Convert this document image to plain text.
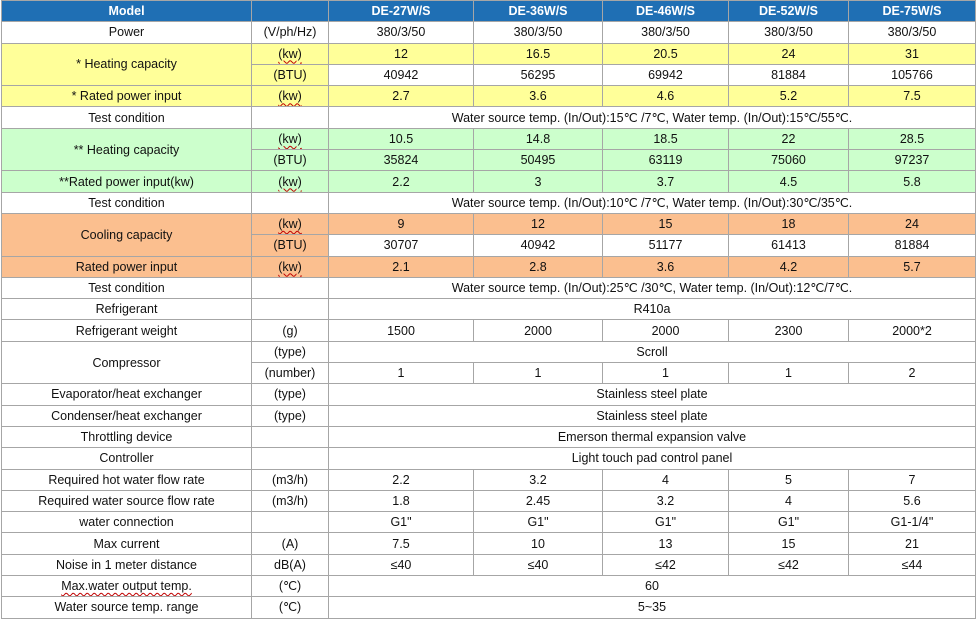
Model		DE-27W/S	DE-36W/S	DE-46W/S	DE-52W/S	DE-75W/S
Power	(V/ph/Hz)	380/3/50	380/3/50	380/3/50	380/3/50	380/3/50
* Heating capacity	(kw)	12	16.5	20.5	24	31
	(BTU)	40942	56295	69942	81884	105766
* Rated power input	(kw)	2.7	3.6	4.6	5.2	7.5
Test condition		Water source temp. (In/Out):15℃ /7℃, Water temp. (In/Out):15℃/55℃.				
** Heating capacity	(kw)	10.5	14.8	18.5	22	28.5
	(BTU)	35824	50495	63119	75060	97237
**Rated power input(kw)	(kw)	2.2	3	3.7	4.5	5.8
Test condition		Water source temp. (In/Out):10℃ /7℃, Water temp. (In/Out):30℃/35℃.				
Cooling capacity	(kw)	9	12	15	18	24
	(BTU)	30707	40942	51177	61413	81884
Rated power input	(kw)	2.1	2.8	3.6	4.2	5.7
Test condition		Water source temp. (In/Out):25℃ /30℃, Water temp. (In/Out):12℃/7℃.				
Refrigerant		R410a				
Refrigerant weight	(g)	1500	2000	2000	2300	2000*2
Compressor	(type)	Scroll				
	(number)	1	1	1	1	2
Evaporator/heat exchanger	(type)	Stainless steel plate				
Condenser/heat exchanger	(type)	Stainless steel plate				
Throttling device		Emerson thermal expansion valve				
Controller		Light touch pad control panel				
Required hot water flow rate	(m3/h)	2.2	3.2	4	5	7
Required water source flow rate	(m3/h)	1.8	2.45	3.2	4	5.6
water connection		G1"	G1"	G1"	G1"	G1-1/4"
Max current	(A)	7.5	10	13	15	21
Noise in 1 meter distance	dB(A)	≤40	≤40	≤42	≤42	≤44
Max.water output temp.	(℃)	60				
Water source temp. range	(℃)	5~35				
